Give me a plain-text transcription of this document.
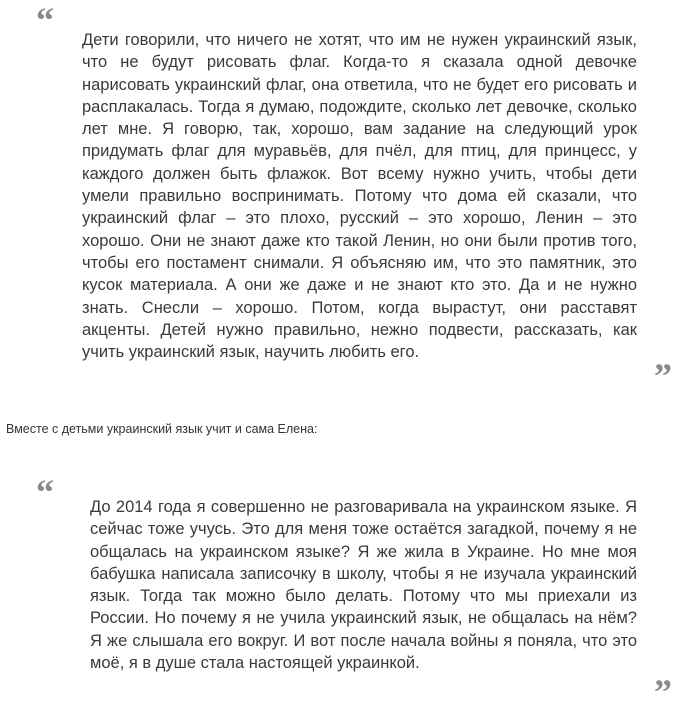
“ Дети говорили, что ничего не хотят, что им не нужен украинский язык, что не будут рисовать флаг. Когда-то я сказала одной девочке нарисовать украинский флаг, она ответила, что не будет его рисовать и расплакалась. Тогда я думаю, подождите, сколько лет девочке, сколько лет мне. Я говорю, так, хорошо, вам задание на следующий урок придумать флаг для муравьёв, для пчёл, для птиц, для принцесс, у каждого должен быть флажок. Вот всему нужно учить, чтобы дети умели правильно воспринимать. Потому что дома ей сказали, что украинский флаг – это плохо, русский – это хорошо, Ленин – это хорошо. Они не знают даже кто такой Ленин, но они были против того, чтобы его постамент снимали. Я объясняю им, что это памятник, это кусок материала. А они же даже и не знают кто это. Да и не нужно знать. Снесли – хорошо. Потом, когда вырастут, они расставят акценты. Детей нужно правильно, нежно подвести, рассказать, как учить украинский язык, научить любить его.

”

Вместе с детьми украинский язык учит и сама Елена:

“ До 2014 года я совершенно не разговаривала на украинском языке. Я сейчас тоже учусь. Это для меня тоже остаётся загадкой, почему я не общалась на украинском языке? Я же жила в Украине. Но мне моя бабушка написала записочку в школу, чтобы я не изучала украинский язык. Тогда так можно было делать. Потому что мы приехали из России. Но почему я не учила украинский язык, не общалась на нём? Я же слышала его вокруг. И вот после начала войны я поняла, что это моё, я в душе стала настоящей украинкой.

”
